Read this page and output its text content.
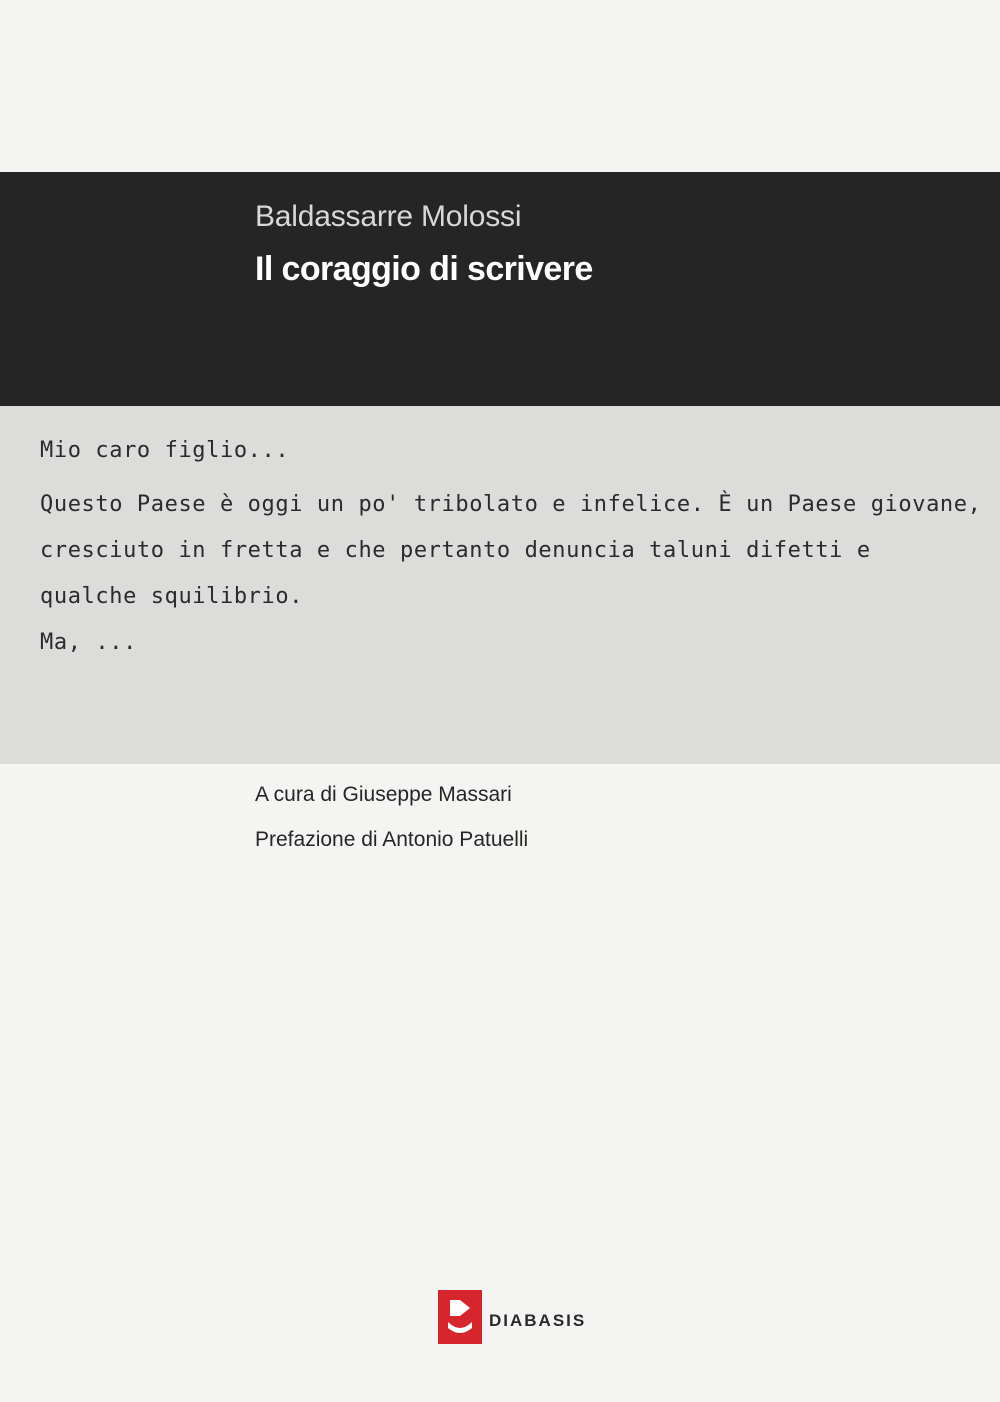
Baldassarre Molossi
Il coraggio di scrivere
Mio caro figlio...
Questo Paese è oggi un po' tribolato e infelice. È un Paese giovane,
cresciuto in fretta e che pertanto denuncia taluni difetti e
qualche squilibrio.
Ma, ...
A cura di Giuseppe Massari
Prefazione di Antonio Patuelli
DIABASIS
